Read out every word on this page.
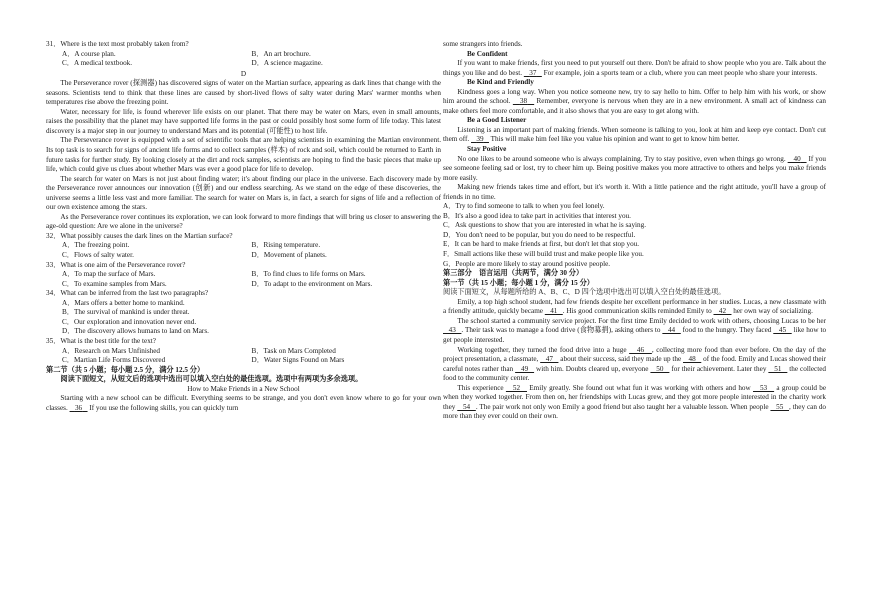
31．Where is the text most probably taken from?

A．A course plan.	B．An art brochure.
C．A medical textbook.	D．A science magazine.

D

The Perseverance rover (探测器) has discovered signs of water on the Martian surface, appearing as dark lines that change with the seasons. Scientists tend to think that these lines are caused by short-lived flows of salty water during Mars' warmer months when temperatures rise above the freezing point.

Water, necessary for life, is found wherever life exists on our planet. That there may be water on Mars, even in small amounts, raises the possibility that the planet may have supported life forms in the past or could possibly host some form of life today. This latest discovery is a major step in our journey to understand Mars and its potential (可能性) to host life.

The Perseverance rover is equipped with a set of scientific tools that are helping scientists in examining the Martian environment. Its top task is to search for signs of ancient life forms and to collect samples (样本) of rock and soil, which could be returned to Earth in future tasks for further study. By looking closely at the dirt and rock samples, scientists are hoping to find the basic pieces that make up life, which could give us clues about whether Mars was ever a good place for life to develop.

The search for water on Mars is not just about finding water; it's about finding our place in the universe. Each discovery made by the Perseverance rover announces our innovation (创新) and our endless searching. As we stand on the edge of these discoveries, the universe seems a little less vast and more familiar. The search for water on Mars is, in fact, a search for signs of life and a reflection of our own existence among the stars.

As the Perseverance rover continues its exploration, we can look forward to more findings that will bring us closer to answering the age-old question: Are we alone in the universe?

32．What possibly causes the dark lines on the Martian surface?

A．The freezing point.	B．Rising temperature.
C．Flows of salty water.	D．Movement of planets.

33．What is one aim of the Perseverance rover?

A．To map the surface of Mars.	B．To find clues to life forms on Mars.
C．To examine samples from Mars.	D．To adapt to the environment on Mars.

34．What can be inferred from the last two paragraphs?

A．Mars offers a better home to mankind.

B．The survival of mankind is under threat.

C．Our exploration and innovation never end.

D．The discovery allows humans to land on Mars.

35．What is the best title for the text?

A．Research on Mars Unfinished	B．Task on Mars Completed
C．Martian Life Forms Discovered	D．Water Signs Found on Mars

第二节（共 5 小题；每小题 2.5 分，满分 12.5 分）

阅读下面短文，从短文后的选项中选出可以填入空白处的最佳选项。选项中有两项为多余选项。

How to Make Friends in a New School

Starting with a new school can be difficult. Everything seems to be strange, and you don't even know where to go for your own classes.    36    If you use the following skills, you can quickly turn

some strangers into friends.

Be Confident

If you want to make friends, first you need to put yourself out there. Don't be afraid to show people who you are. Talk about the things you like and do best.    37    For example, join a sports team or a club, where you can meet people who share your interests.

Be Kind and Friendly

Kindness goes a long way. When you notice someone new, try to say hello to him. Offer to help him with his work, or show him around the school.    38    Remember, everyone is nervous when they are in a new environment. A small act of kindness can make others feel more comfortable, and it also shows that you are easy to get along with.

Be a Good Listener

Listening is an important part of making friends. When someone is talking to you, look at him and keep eye contact. Don't cut them off.    39    This will make him feel like you value his opinion and want to get to know him better.

Stay Positive

No one likes to be around someone who is always complaining. Try to stay positive, even when things go wrong.    40    If you see someone feeling sad or lost, try to cheer him up. Being positive makes you more attractive to others and helps you make friends more easily.

Making new friends takes time and effort, but it's worth it. With a little patience and the right attitude, you'll have a group of friends in no time.

A．Try to find someone to talk to when you feel lonely.

B．It's also a good idea to take part in activities that interest you.

C．Ask questions to show that you are interested in what he is saying.

D．You don't need to be popular, but you do need to be respectful.

E．It can be hard to make friends at first, but don't let that stop you.

F．Small actions like these will build trust and make people like you.

G．People are more likely to stay around positive people.

第三部分　语言运用（共两节，满分 30 分）

第一节（共 15 小题；每小题 1 分，满分 15 分）

阅读下面短文，从每题所给的 A、B、C、D 四个选项中选出可以填入空白处的最佳选项。

Emily, a top high school student, had few friends despite her excellent performance in her studies. Lucas, a new classmate with a friendly attitude, quickly became    41   . His good communication skills reminded Emily to    42    her own way of socializing.

The school started a community service project. For the first time Emily decided to work with others, choosing Lucas to be her    43   . Their task was to manage a food drive (食物募捐), asking others to    44    food to the hungry. They faced    45    like how to get people interested.

Working together, they turned the food drive into a huge    46   , collecting more food than ever before. On the day of the project presentation, a classmate,    47    about their success, said they made up the    48    of the food. Emily and Lucas showed their careful notes rather than    49    with him. Doubts cleared up, everyone    50    for their achievement. Later they    51    the collected food to the community center.

This experience    52    Emily greatly. She found out what fun it was working with others and how    53    a group could be when they worked together. From then on, her friendships with Lucas grew, and they got more people interested in the charity work they    54   . The pair work not only won Emily a good friend but also taught her a valuable lesson. When people    55   , they can do more than they ever could on their own.
